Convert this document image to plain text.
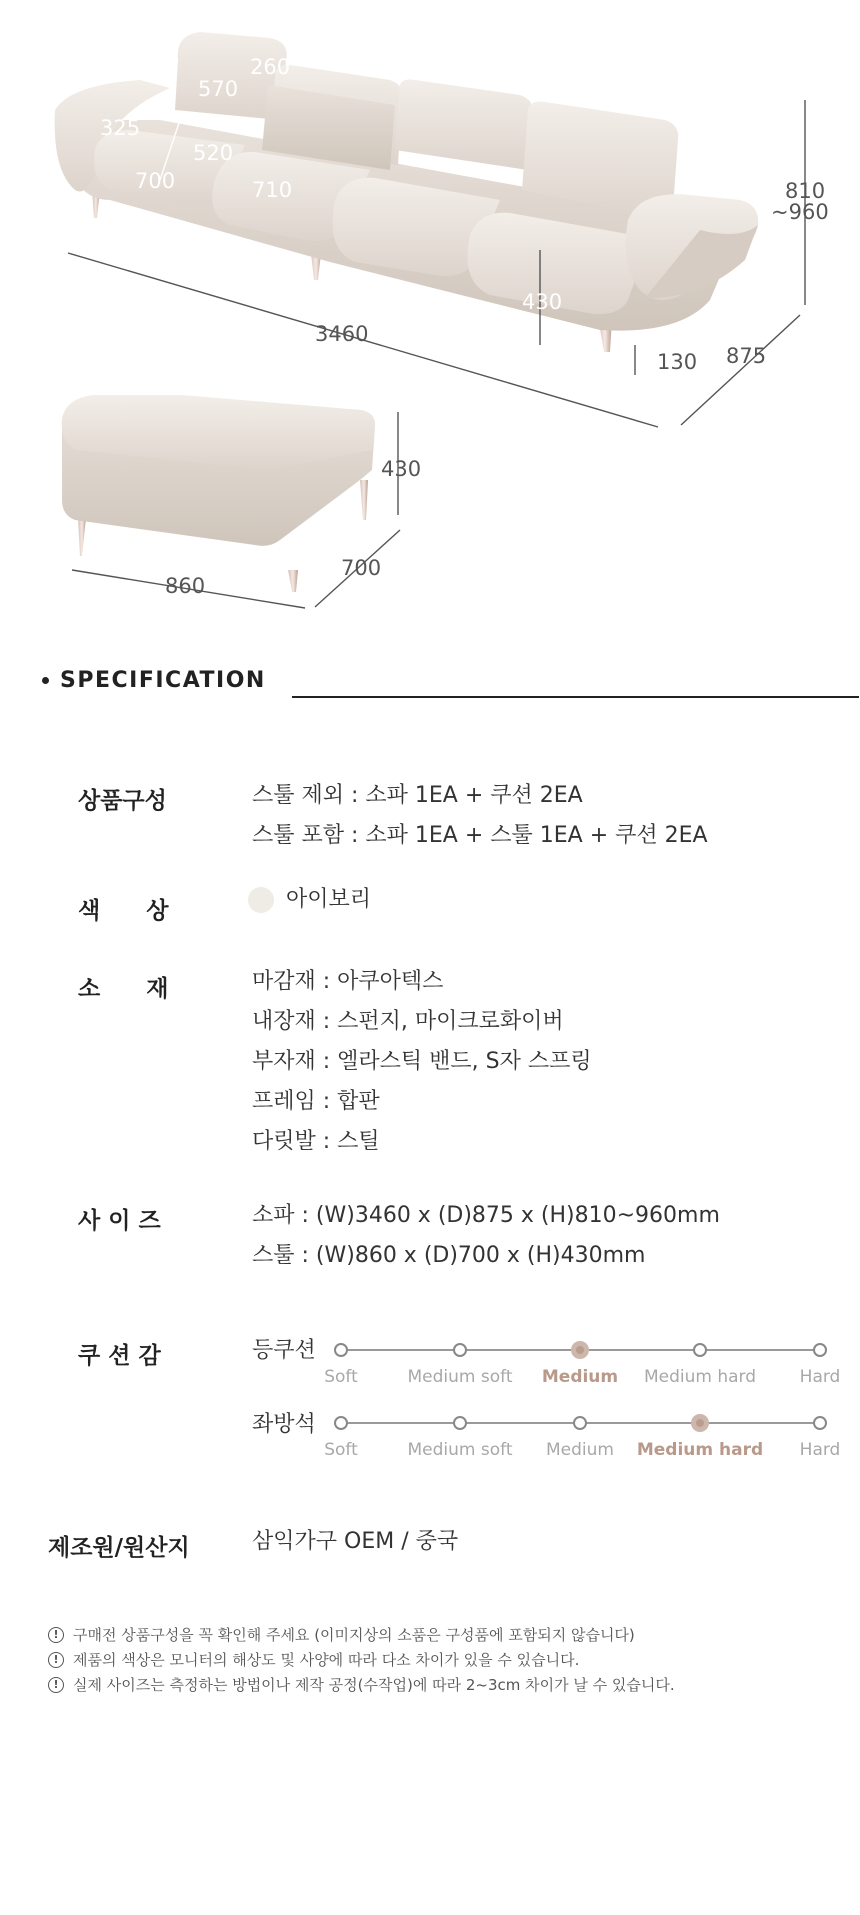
260
570
325
520
700	710	810
~960
430
3460
130 875
430
860
700
SPECIFICATION
상품구성	스툴 제외 : 소파 1EA + 쿠션 2EA
스툴 포함 : 소파 1EA + 스툴 1EA + 쿠션 2EA
색　　상	아이보리
소　　재	마감재 : 아쿠아텍스
내장재 : 스펀지, 마이크로화이버
부자재 : 엘라스틱 밴드, S자 스프링
프레임 : 합판
다릿발 : 스틸
사 이 즈	소파 : (W)3460 x (D)875 x (H)810~960mm
스툴 : (W)860 x (D)700 x (H)430mm
쿠 션 감	등쿠션
Soft	Medium soft Medium Medium hard	Hard
좌방석
Soft	Medium soft Medium Medium hard Hard
제조원/원산지	삼익가구 OEM / 중국
! 구매전 상품구성을 꼭 확인해 주세요 (이미지상의 소품은 구성품에 포함되지 않습니다)
! 제품의 색상은 모니터의 해상도 및 사양에 따라 다소 차이가 있을 수 있습니다.
! 실제 사이즈는 측정하는 방법이나 제작 공정(수작업)에 따라 2~3cm 차이가 날 수 있습니다.
